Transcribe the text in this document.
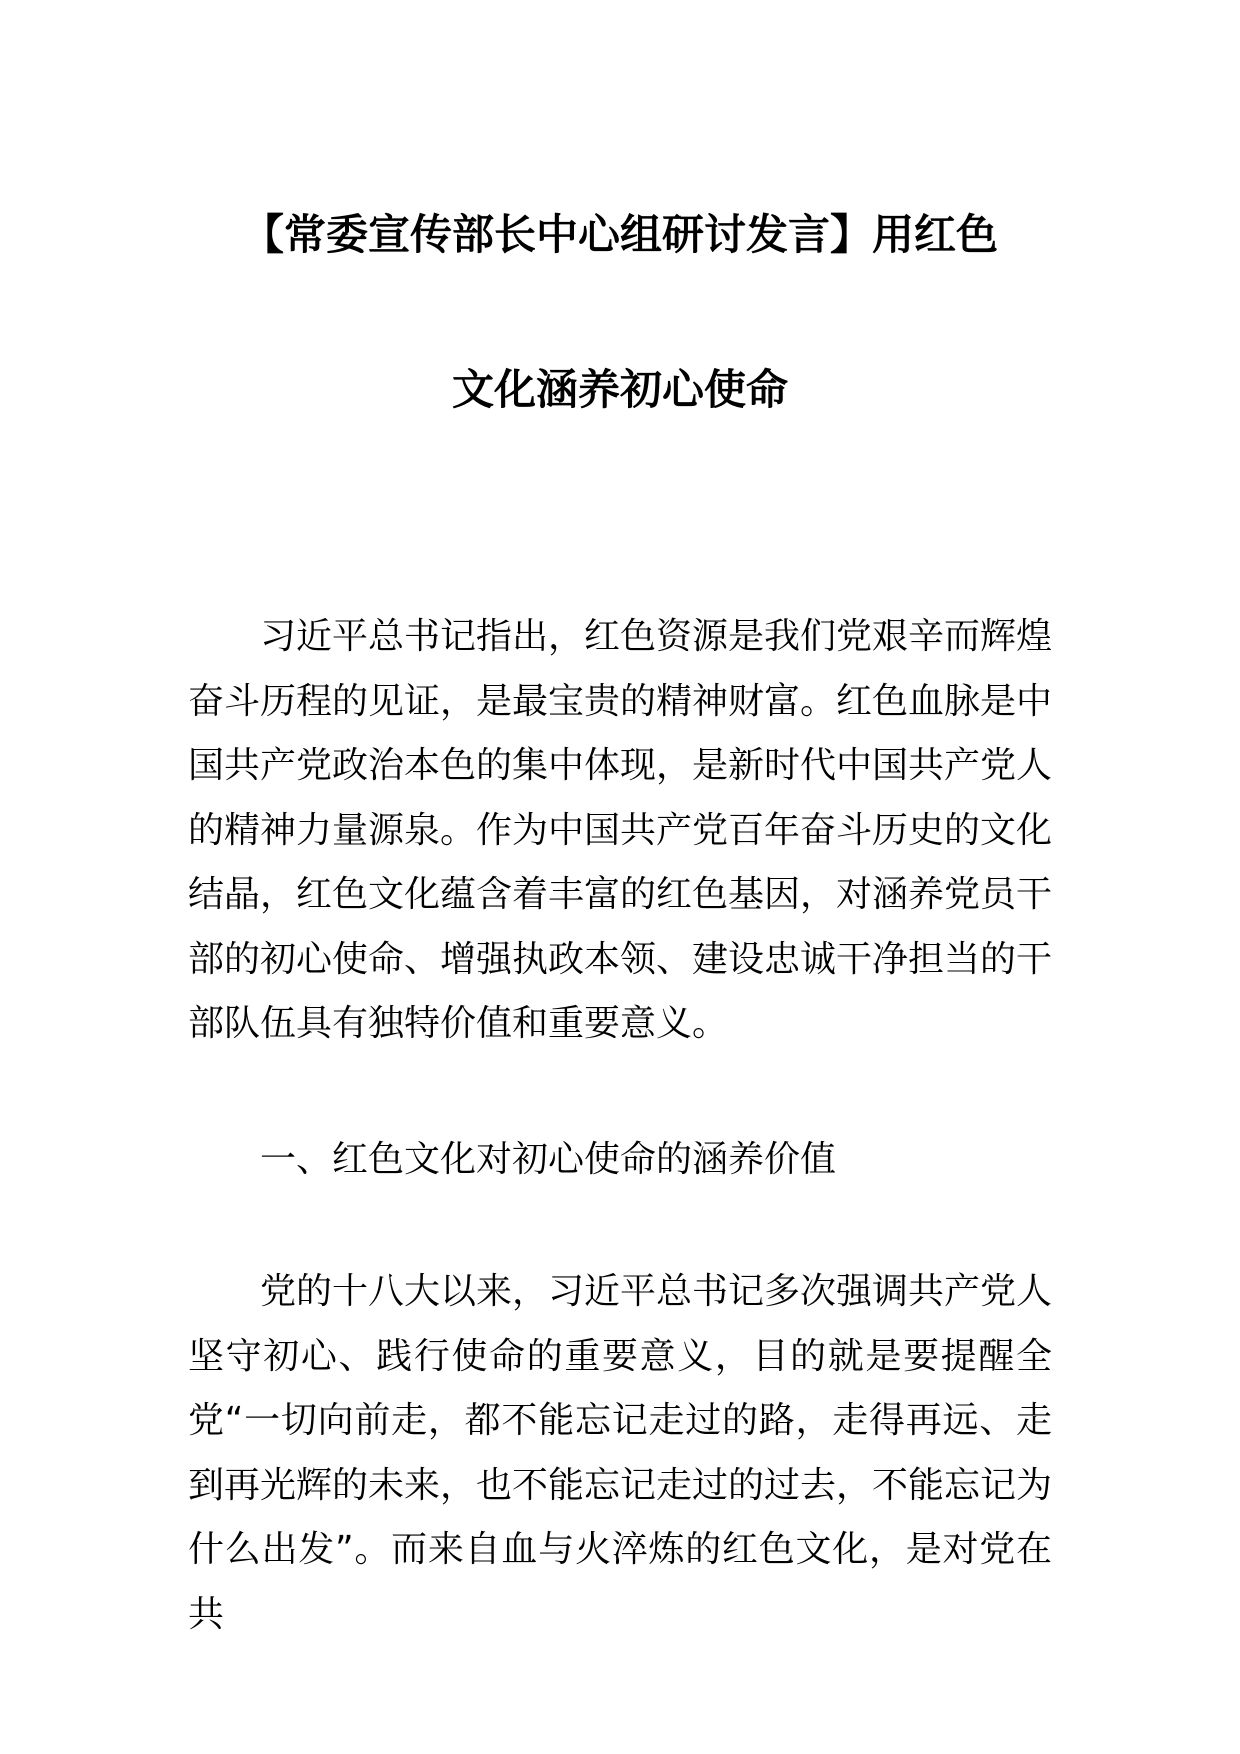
【常委宣传部长中心组研讨发言】用红色
文化涵养初心使命

习近平总书记指出，红色资源是我们党艰辛而辉煌奋斗历程的见证，是最宝贵的精神财富。红色血脉是中国共产党政治本色的集中体现，是新时代中国共产党人的精神力量源泉。作为中国共产党百年奋斗历史的文化结晶，红色文化蕴含着丰富的红色基因，对涵养党员干部的初心使命、增强执政本领、建设忠诚干净担当的干部队伍具有独特价值和重要意义。

一、红色文化对初心使命的涵养价值

党的十八大以来，习近平总书记多次强调共产党人坚守初心、践行使命的重要意义，目的就是要提醒全党“一切向前走，都不能忘记走过的路，走得再远、走到再光辉的未来，也不能忘记走过的过去，不能忘记为什么出发”。而来自血与火淬炼的红色文化，是对党在共
